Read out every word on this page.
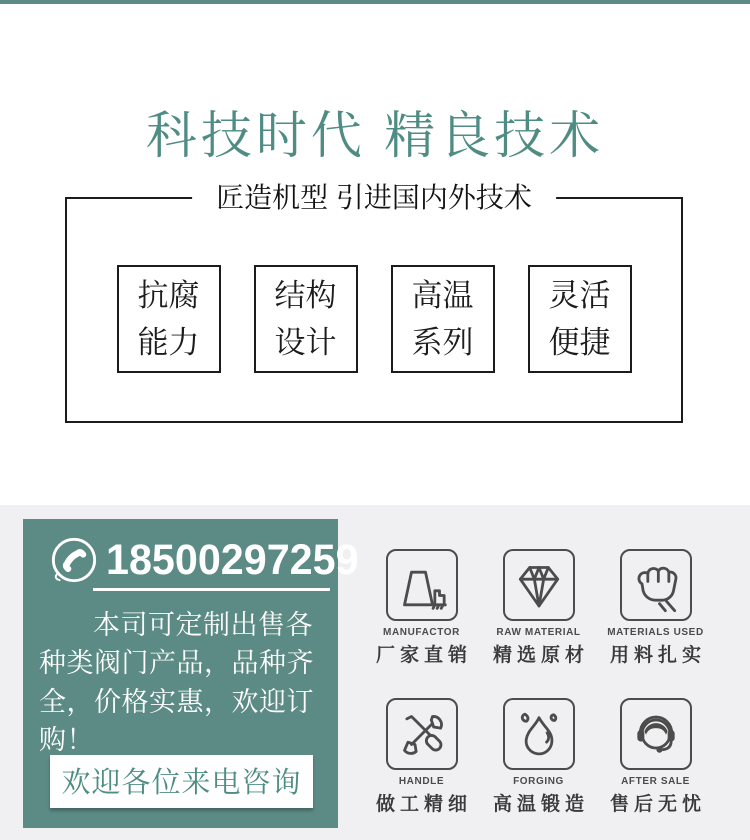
科技时代 精良技术
匠造机型 引进国内外技术
抗腐
能力
结构
设计
高温
系列
灵活
便捷
18500297259
本司可定制出售各种类阀门产品，品种齐全，价格实惠，欢迎订购！
欢迎各位来电咨询
MANUFACTOR
厂家直销
RAW MATERIAL
精选原材
MATERIALS USED
用料扎实
HANDLE
做工精细
FORGING
高温锻造
AFTER SALE
售后无忧
